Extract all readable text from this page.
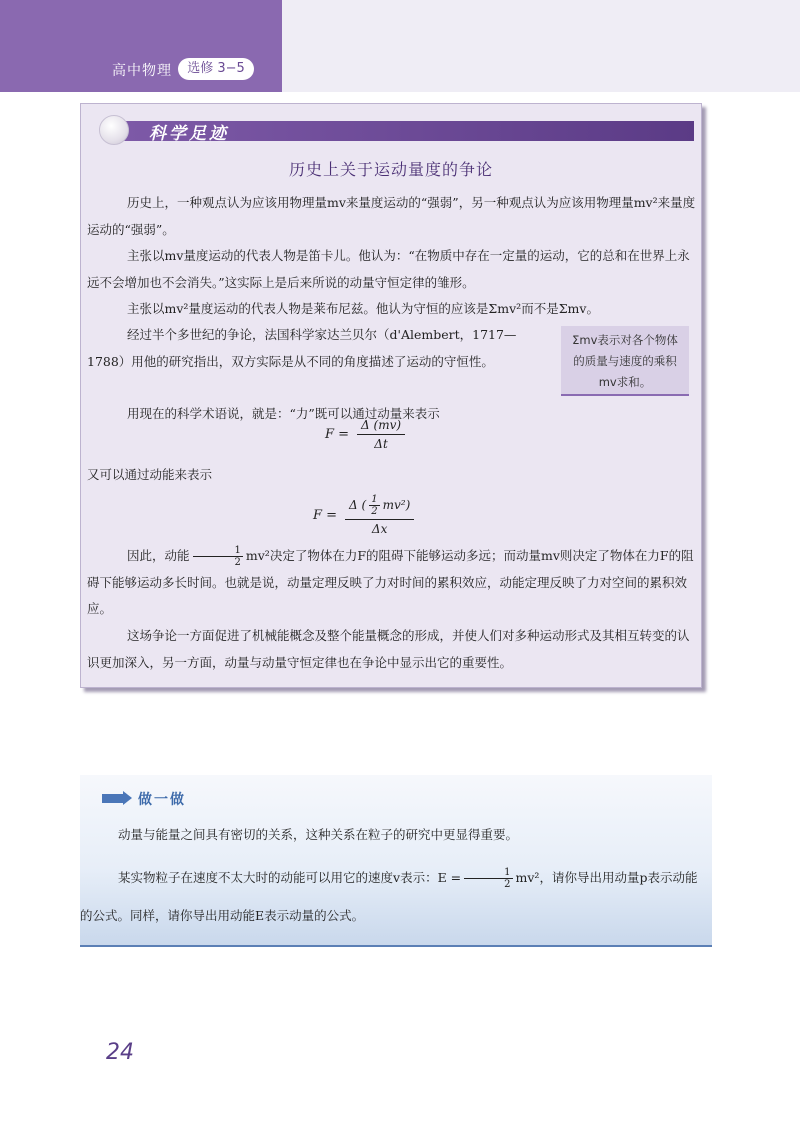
高中物理	选修 3−5
科学足迹
历史上关于运动量度的争论
历史上，一种观点认为应该用物理量mv来量度运动的“强弱”，另一种观点认为应该用物理量mv²来量度运动的“强弱”。
主张以mv量度运动的代表人物是笛卡儿。他认为：“在物质中存在一定量的运动，它的总和在世界上永远不会增加也不会消失。”这实际上是后来所说的动量守恒定律的雏形。
主张以mv²量度运动的代表人物是莱布尼兹。他认为守恒的应该是Σmv²而不是Σmv。
经过半个多世纪的争论，法国科学家达兰贝尔（d'Alembert，1717—1788）用他的研究指出，双方实际是从不同的角度描述了运动的守恒性。
Σmv表示对各个物体的质量与速度的乘积mv求和。
用现在的科学术语说，就是：“力”既可以通过动量来表示
$F = \frac{\Delta (mv)}{\Delta t}$
又可以通过动能来表示
$F = \frac{\Delta ( \frac{1}{2} mv^2)}{\Delta x}$
因此，动能 $\frac{1}{2} mv^2$决定了物体在力F的阻碍下能够运动多远；而动量mv则决定了物体在力F的阻碍下能够运动多长时间。也就是说，动量定理反映了力对时间的累积效应，动能定理反映了力对空间的累积效应。
这场争论一方面促进了机械能概念及整个能量概念的形成，并使人们对多种运动形式及其相互转变的认识更加深入，另一方面，动量与动量守恒定律也在争论中显示出它的重要性。
做一做
动量与能量之间具有密切的关系，这种关系在粒子的研究中更显得重要。
某实物粒子在速度不太大时的动能可以用它的速度v表示：$E = \frac{1}{2} mv^2$，请你导出用动量p表示动能的公式。同样，请你导出用动能E表示动量的公式。
24
